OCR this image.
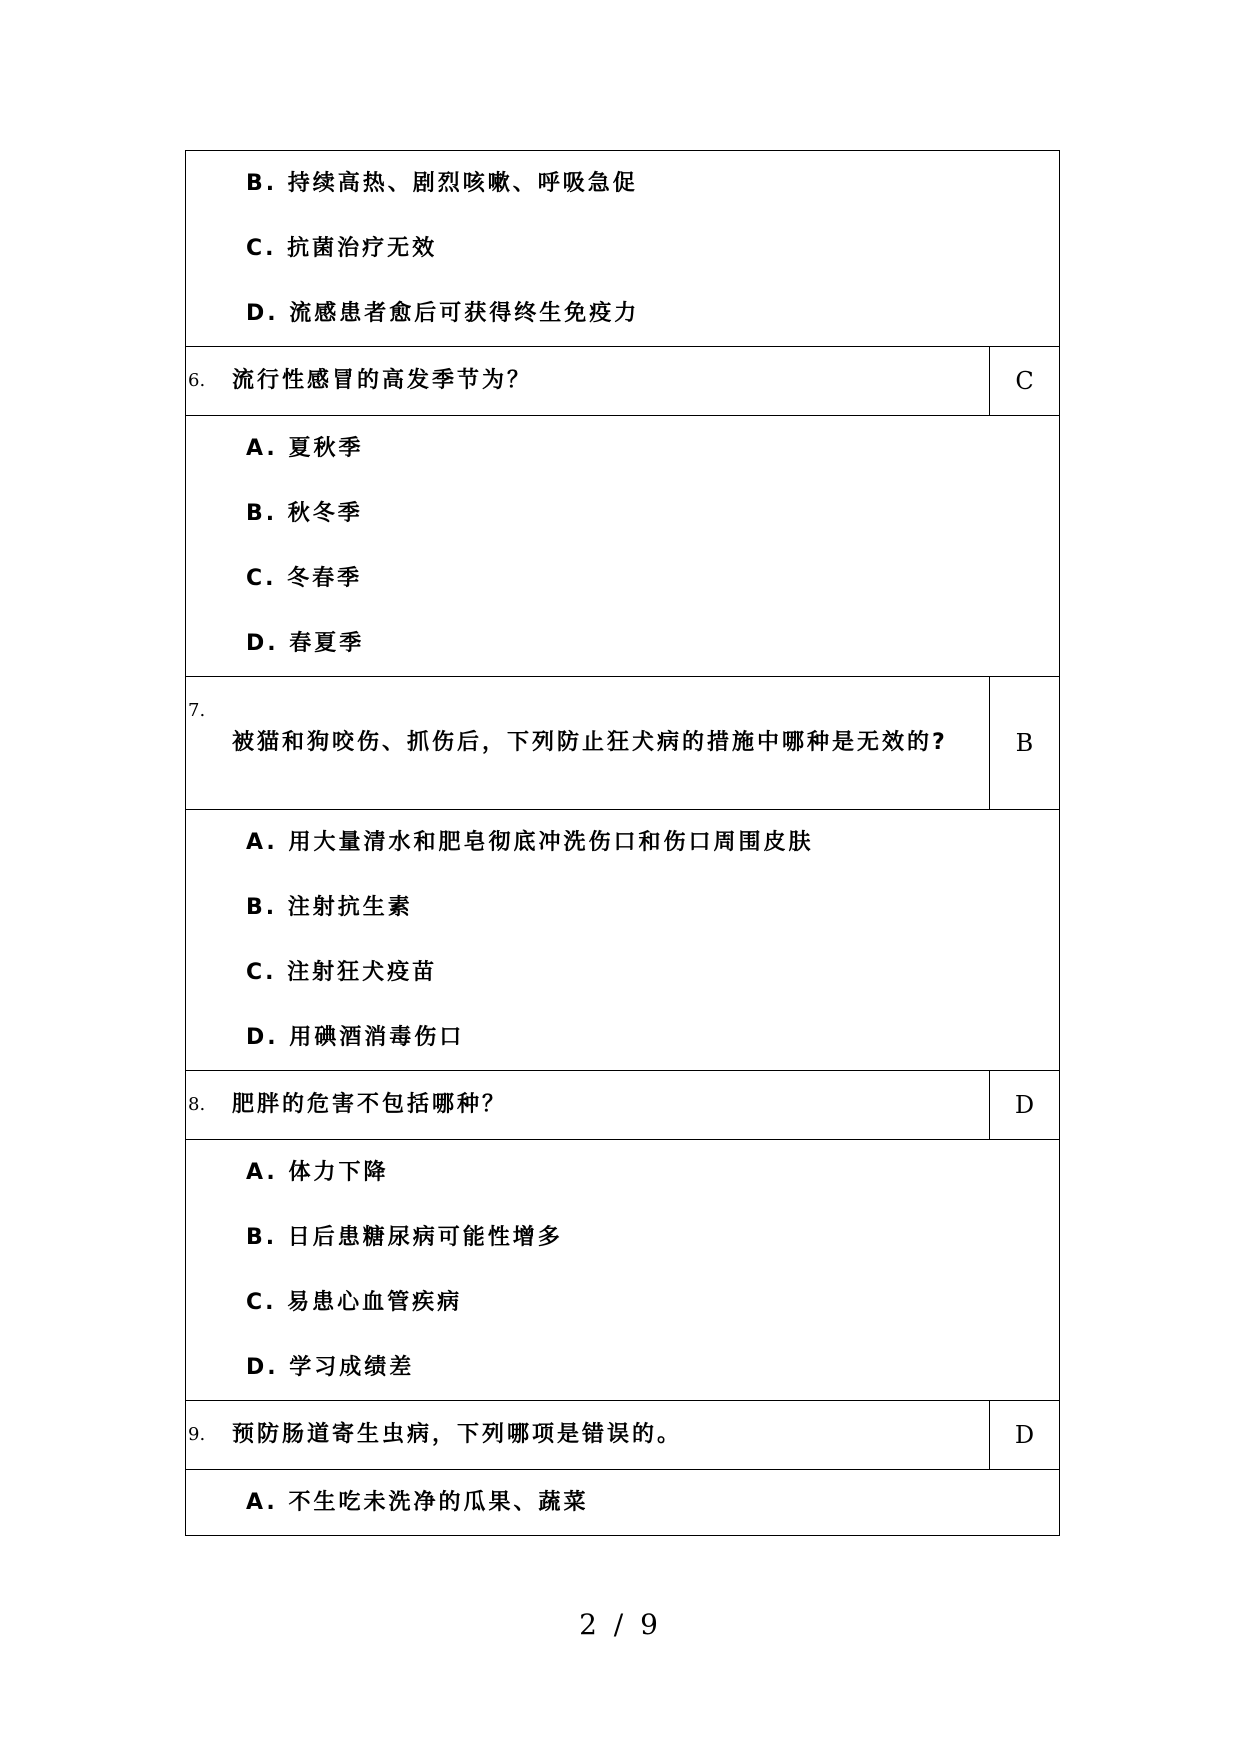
B. 持续高热、剧烈咳嗽、呼吸急促
C. 抗菌治疗无效
D. 流感患者愈后可获得终生免疫力	

6. 流行性感冒的高发季节为？	C

A. 夏秋季
B. 秋冬季
C. 冬春季
D. 春夏季	

7.
被猫和狗咬伤、抓伤后，下列防止狂犬病的措施中哪种是无效的?	B

A. 用大量清水和肥皂彻底冲洗伤口和伤口周围皮肤
B. 注射抗生素
C. 注射狂犬疫苗
D. 用碘酒消毒伤口	

8. 肥胖的危害不包括哪种？	D

A. 体力下降
B. 日后患糖尿病可能性增多
C. 易患心血管疾病
D. 学习成绩差	

9. 预防肠道寄生虫病，下列哪项是错误的。	D

A. 不生吃未洗净的瓜果、蔬菜	
2 / 9
